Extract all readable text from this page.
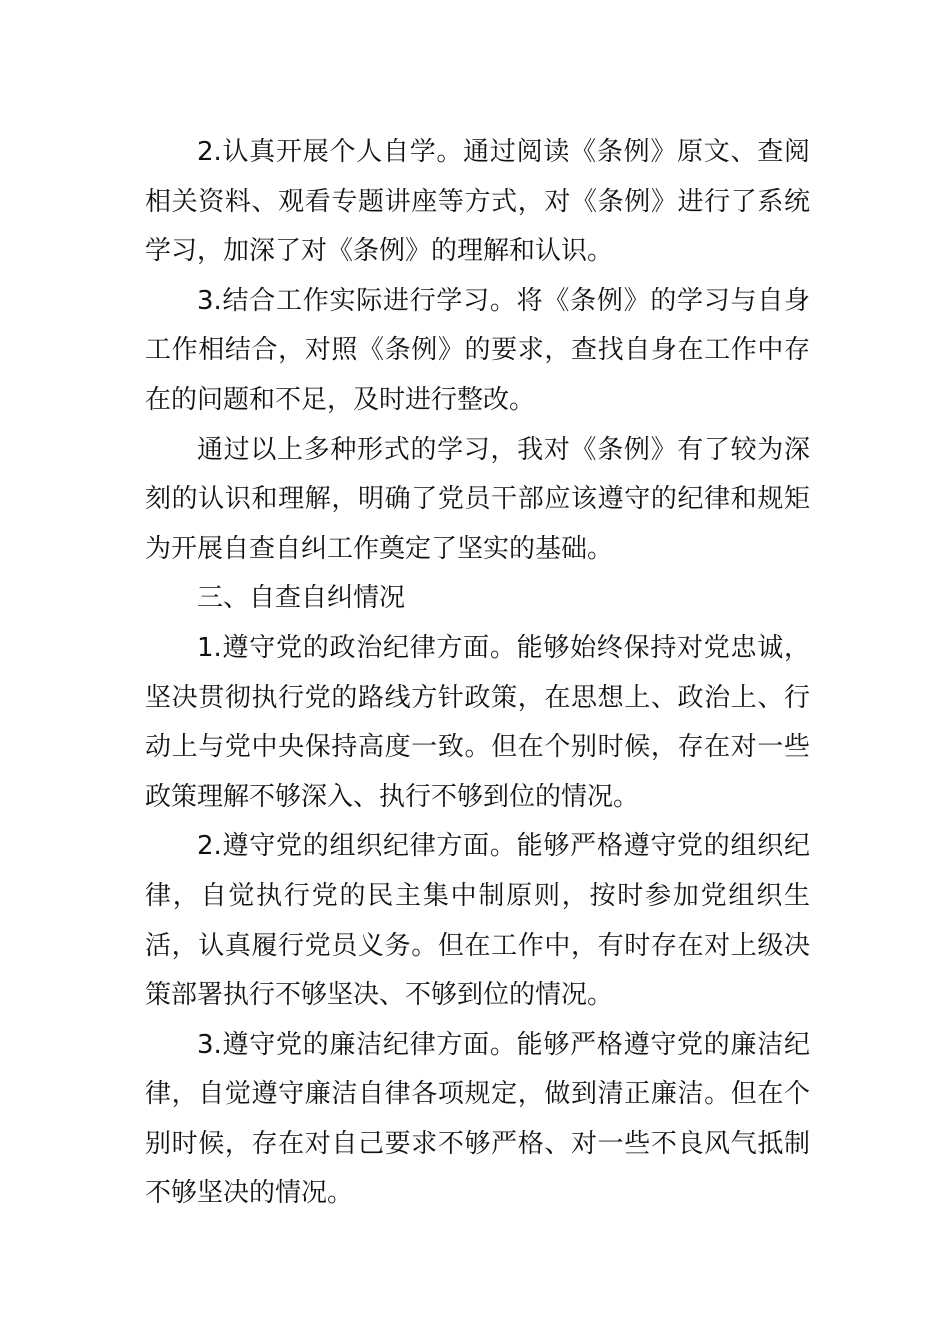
2.认真开展个人自学。通过阅读《条例》原文、查阅相关资料、观看专题讲座等方式，对《条例》进行了系统学习，加深了对《条例》的理解和认识。

3.结合工作实际进行学习。将《条例》的学习与自身工作相结合，对照《条例》的要求，查找自身在工作中存在的问题和不足，及时进行整改。

通过以上多种形式的学习，我对《条例》有了较为深刻的认识和理解，明确了党员干部应该遵守的纪律和规矩为开展自查自纠工作奠定了坚实的基础。

三、自查自纠情况

1.遵守党的政治纪律方面。能够始终保持对党忠诚，坚决贯彻执行党的路线方针政策，在思想上、政治上、行动上与党中央保持高度一致。但在个别时候，存在对一些政策理解不够深入、执行不够到位的情况。

2.遵守党的组织纪律方面。能够严格遵守党的组织纪律，自觉执行党的民主集中制原则，按时参加党组织生活，认真履行党员义务。但在工作中，有时存在对上级决策部署执行不够坚决、不够到位的情况。

3.遵守党的廉洁纪律方面。能够严格遵守党的廉洁纪律，自觉遵守廉洁自律各项规定，做到清正廉洁。但在个别时候，存在对自己要求不够严格、对一些不良风气抵制不够坚决的情况。
